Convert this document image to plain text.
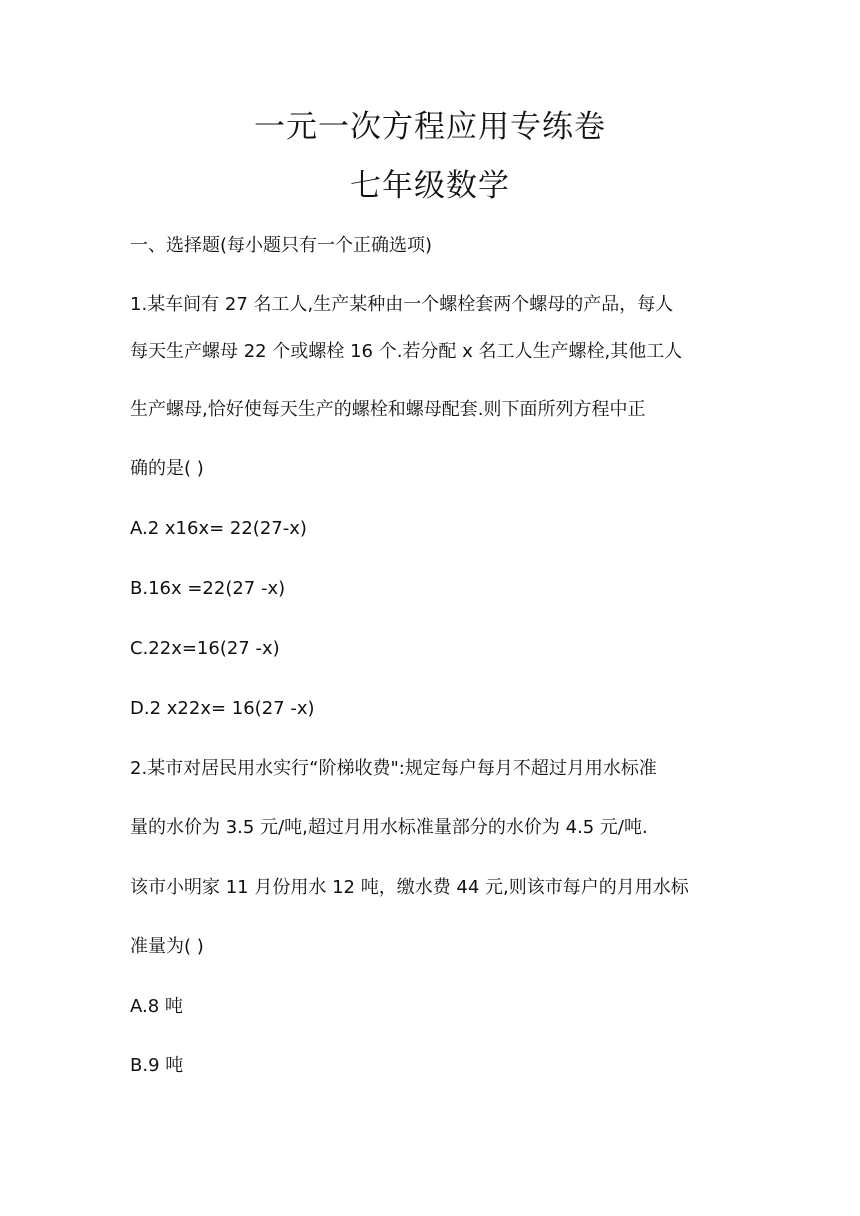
一元一次方程应用专练卷
七年级数学

一、选择题(每小题只有一个正确选项)

1.某车间有 27 名工人,生产某种由一个螺栓套两个螺母的产品，每人

每天生产螺母 22 个或螺栓 16 个.若分配 x 名工人生产螺栓,其他工人

生产螺母,恰好使每天生产的螺栓和螺母配套.则下面所列方程中正

确的是( )

A.2 x16x= 22(27-x)

B.16x =22(27 -x)

C.22x=16(27 -x)

D.2 x22x= 16(27 -x)

2.某市对居民用水实行“阶梯收费":规定每户每月不超过月用水标准

量的水价为 3.5 元/吨,超过月用水标准量部分的水价为 4.5 元/吨.

该市小明家 11 月份用水 12 吨，缴水费 44 元,则该市每户的月用水标

准量为( )

A.8 吨

B.9 吨
